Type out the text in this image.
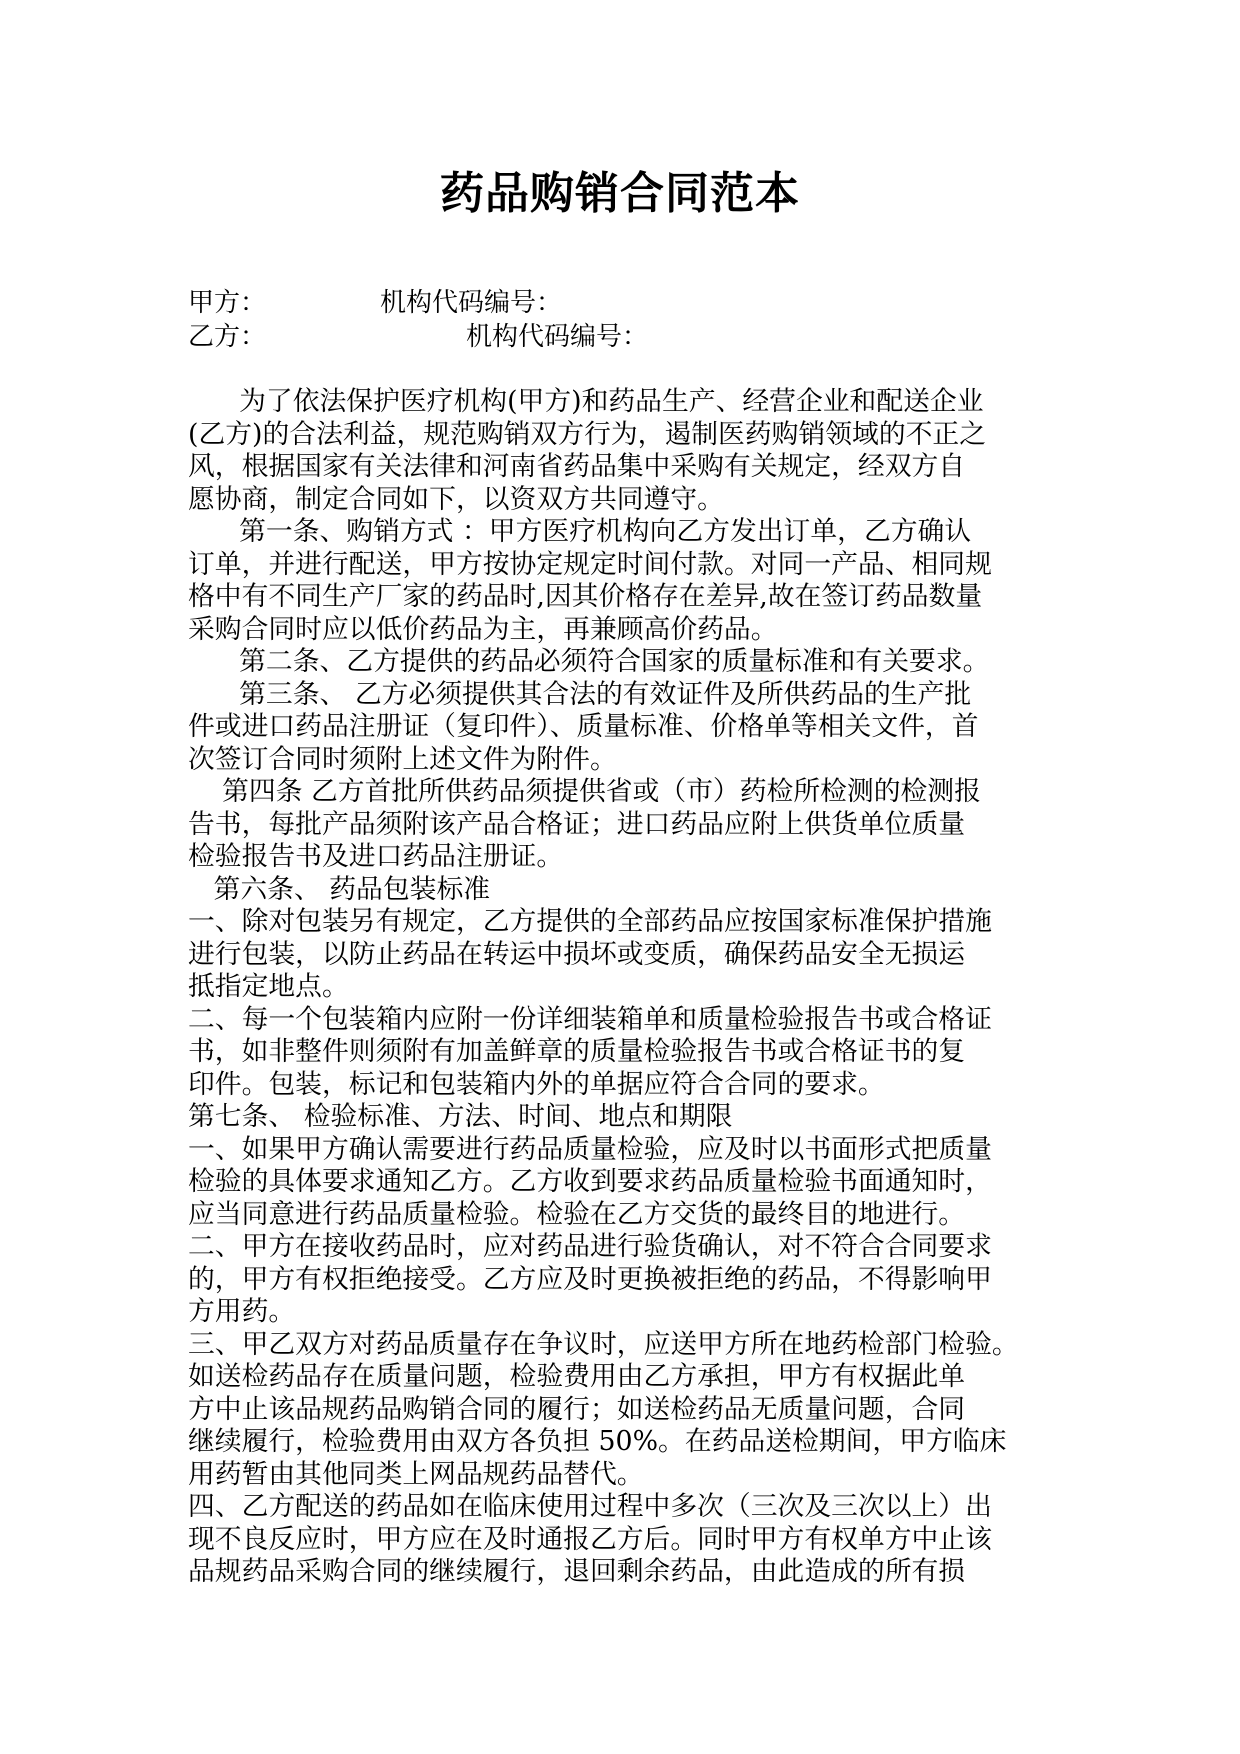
药品购销合同范本
甲方：	机构代码编号：
乙方：	机构代码编号：
为了依法保护医疗机构(甲方)和药品生产、经营企业和配送企业
(乙方)的合法利益，规范购销双方行为，遏制医药购销领域的不正之
风，根据国家有关法律和河南省药品集中采购有关规定，经双方自
愿协商，制定合同如下，以资双方共同遵守。
第一条、购销方式 ：甲方医疗机构向乙方发出订单，乙方确认
订单，并进行配送，甲方按协定规定时间付款。对同一产品、相同规
格中有不同生产厂家的药品时,因其价格存在差异,故在签订药品数量
采购合同时应以低价药品为主，再兼顾高价药品。
第二条、乙方提供的药品必须符合国家的质量标准和有关要求。
第三条、 乙方必须提供其合法的有效证件及所供药品的生产批
件或进口药品注册证（复印件）、质量标准、价格单等相关文件，首
次签订合同时须附上述文件为附件。
第四条 乙方首批所供药品须提供省或（市）药检所检测的检测报
告书，每批产品须附该产品合格证；进口药品应附上供货单位质量
检验报告书及进口药品注册证。
第六条、 药品包装标准
一、除对包装另有规定，乙方提供的全部药品应按国家标准保护措施
进行包装，以防止药品在转运中损坏或变质，确保药品安全无损运
抵指定地点。
二、每一个包装箱内应附一份详细装箱单和质量检验报告书或合格证
书，如非整件则须附有加盖鲜章的质量检验报告书或合格证书的复
印件。包装，标记和包装箱内外的单据应符合合同的要求。
第七条、 检验标准、方法、时间、地点和期限
一、如果甲方确认需要进行药品质量检验，应及时以书面形式把质量
检验的具体要求通知乙方。乙方收到要求药品质量检验书面通知时，
应当同意进行药品质量检验。检验在乙方交货的最终目的地进行。
二、甲方在接收药品时，应对药品进行验货确认，对不符合合同要求
的，甲方有权拒绝接受。乙方应及时更换被拒绝的药品，不得影响甲
方用药。
三、甲乙双方对药品质量存在争议时，应送甲方所在地药检部门检验。
如送检药品存在质量问题，检验费用由乙方承担，甲方有权据此单
方中止该品规药品购销合同的履行；如送检药品无质量问题，合同
继续履行，检验费用由双方各负担 50%。在药品送检期间，甲方临床
用药暂由其他同类上网品规药品替代。
四、乙方配送的药品如在临床使用过程中多次（三次及三次以上）出
现不良反应时，甲方应在及时通报乙方后。同时甲方有权单方中止该
品规药品采购合同的继续履行，退回剩余药品，由此造成的所有损
